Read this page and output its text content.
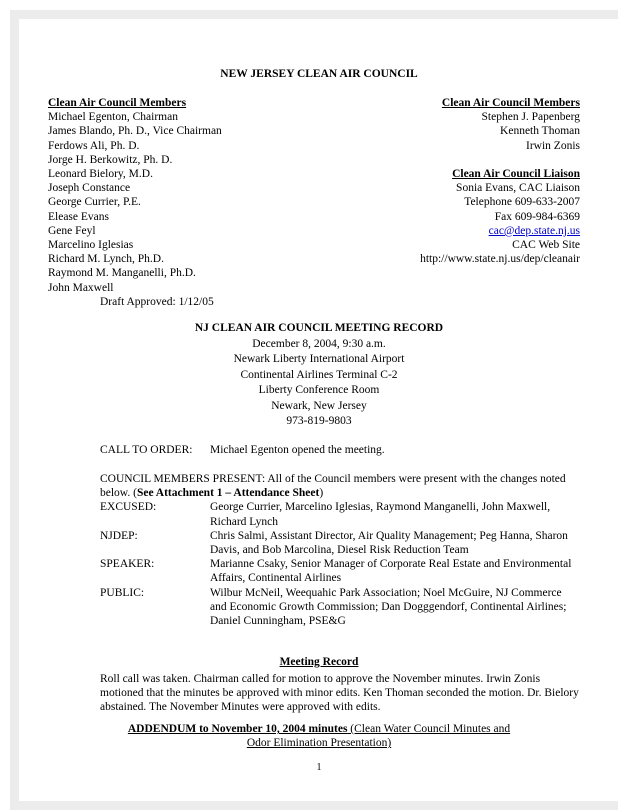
NEW JERSEY CLEAN AIR COUNCIL
Clean Air Council Members
Michael Egenton, Chairman
James Blando, Ph. D., Vice Chairman
Ferdows Ali, Ph. D.
Jorge H. Berkowitz, Ph. D.
Leonard Bielory, M.D.
Joseph Constance
George Currier, P.E.
Elease Evans
Gene Feyl
Marcelino Iglesias
Richard M. Lynch, Ph.D.
Raymond M. Manganelli, Ph.D.
John Maxwell
Draft Approved: 1/12/05
Clean Air Council Members
Stephen J. Papenberg
Kenneth Thoman
Irwin Zonis
Clean Air Council Liaison
Sonia Evans, CAC Liaison
Telephone 609-633-2007
Fax 609-984-6369
cac@dep.state.nj.us
CAC Web Site
http://www.state.nj.us/dep/cleanair
NJ CLEAN AIR COUNCIL MEETING RECORD
December 8, 2004, 9:30 a.m.
Newark Liberty International Airport
Continental Airlines Terminal C-2
Liberty Conference Room
Newark, New Jersey
973-819-9803
CALL TO ORDER:	Michael Egenton opened the meeting.
COUNCIL MEMBERS PRESENT: All of the Council members were present with the changes noted below. (See Attachment 1 – Attendance Sheet)
EXCUSED:	George Currier, Marcelino Iglesias, Raymond Manganelli, John Maxwell, Richard Lynch
NJDEP:	Chris Salmi, Assistant Director, Air Quality Management; Peg Hanna, Sharon Davis, and Bob Marcolina, Diesel Risk Reduction Team
SPEAKER:	Marianne Csaky, Senior Manager of Corporate Real Estate and Environmental Affairs, Continental Airlines
PUBLIC:	Wilbur McNeil, Weequahic Park Association; Noel McGuire, NJ Commerce and Economic Growth Commission; Dan Dogggendorf, Continental Airlines; Daniel Cunningham, PSE&G
Meeting Record
Roll call was taken. Chairman called for motion to approve the November minutes. Irwin Zonis motioned that the minutes be approved with minor edits. Ken Thoman seconded the motion. Dr. Bielory abstained. The November Minutes were approved with edits.
ADDENDUM to November 10, 2004 minutes (Clean Water Council Minutes and
Odor Elimination Presentation)
1
